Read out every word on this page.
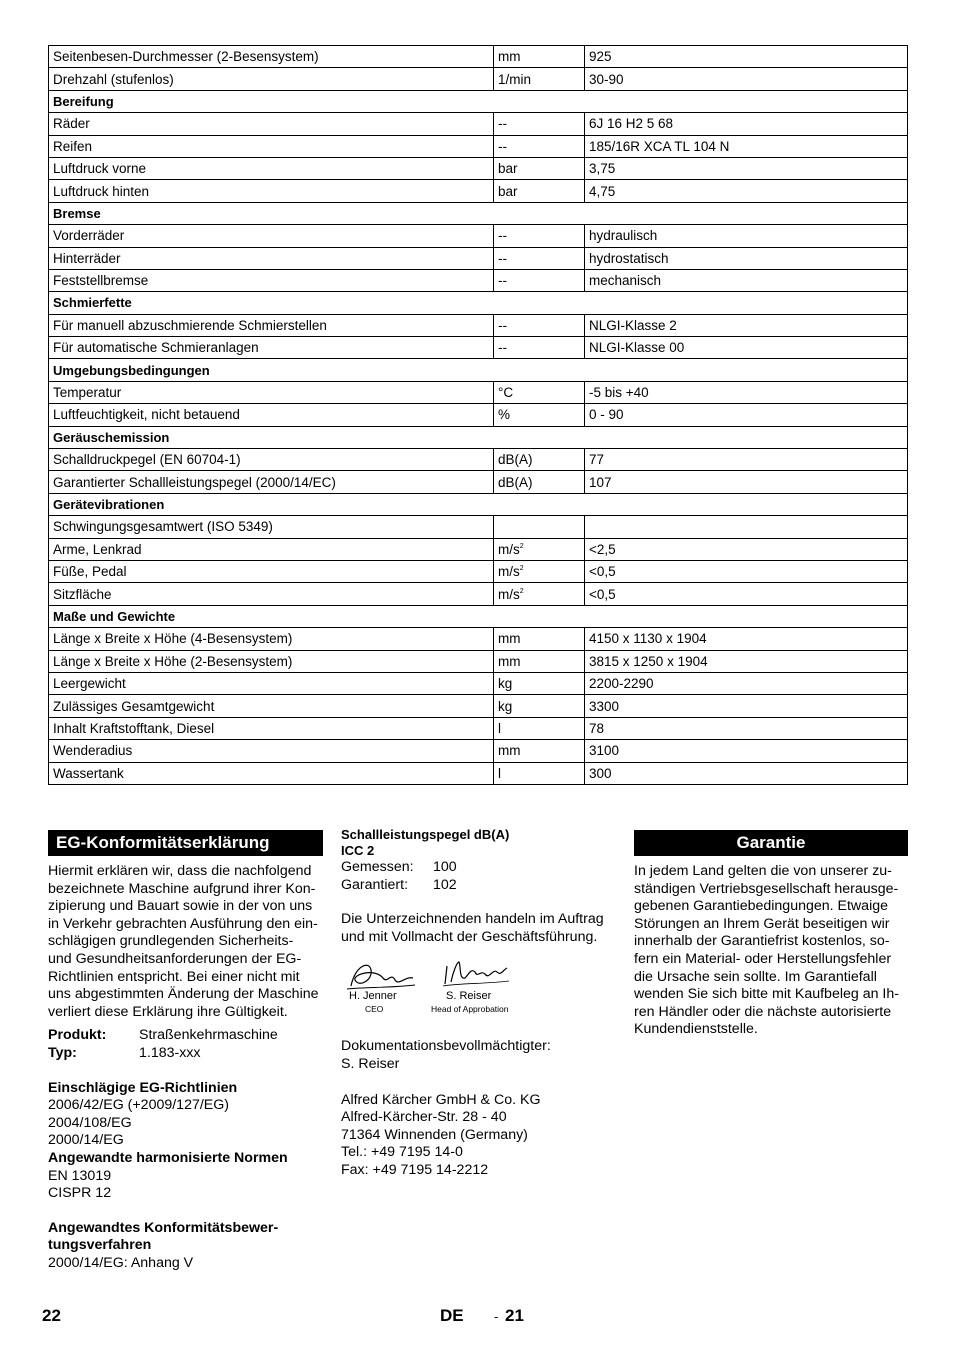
Seitenbesen-Durchmesser (2-Besensystem)	mm	925
Drehzahl (stufenlos)	1/min	30-90
Bereifung		
Räder	--	6J 16 H2 5 68
Reifen	--	185/16R XCA TL 104 N
Luftdruck vorne	bar	3,75
Luftdruck hinten	bar	4,75
Bremse		
Vorderräder	--	hydraulisch
Hinterräder	--	hydrostatisch
Feststellbremse	--	mechanisch
Schmierfette		
Für manuell abzuschmierende Schmierstellen	--	NLGI-Klasse 2
Für automatische Schmieranlagen	--	NLGI-Klasse 00
Umgebungsbedingungen		
Temperatur	°C	-5 bis +40
Luftfeuchtigkeit, nicht betauend	%	0 - 90
Geräuschemission		
Schalldruckpegel (EN 60704-1)	dB(A)	77
Garantierter Schallleistungspegel (2000/14/EC)	dB(A)	107
Gerätevibrationen		
Schwingungsgesamtwert (ISO 5349)		
Arme, Lenkrad	$m/s^2$	<2,5
Füße, Pedal	$m/s^2$	<0,5
Sitzfläche	$m/s^2$	<0,5
Maße und Gewichte		
Länge x Breite x Höhe (4-Besensystem)	mm	4150 x 1130 x 1904
Länge x Breite x Höhe (2-Besensystem)	mm	3815 x 1250 x 1904
Leergewicht	kg	2200-2290
Zulässiges Gesamtgewicht	kg	3300
Inhalt Kraftstofftank, Diesel	l	78
Wenderadius	mm	3100
Wassertank	l	300
EG-Konformitätserklärung
Hiermit erklären wir, dass die nachfolgend
bezeichnete Maschine aufgrund ihrer Kon-
zipierung und Bauart sowie in der von uns
in Verkehr gebrachten Ausführung den ein-
schlägigen grundlegenden Sicherheits-
und Gesundheitsanforderungen der EG-
Richtlinien entspricht. Bei einer nicht mit
uns abgestimmten Änderung der Maschine
verliert diese Erklärung ihre Gültigkeit.
Produkt:	Straßenkehrmaschine
Typ:	1.183-xxx
Einschlägige EG-Richtlinien
2006/42/EG (+2009/127/EG)
2004/108/EG
2000/14/EG
Angewandte harmonisierte Normen
EN 13019
CISPR 12
Angewandtes Konformitätsbewer-
tungsverfahren
2000/14/EG: Anhang V
Schallleistungspegel dB(A)
ICC 2
Gemessen:	100
Garantiert:	102
Die Unterzeichnenden handeln im Auftrag
und mit Vollmacht der Geschäftsführung.
H. Jenner
CEO
S. Reiser
Head of Approbation
Dokumentationsbevollmächtigter:
S. Reiser
Alfred Kärcher GmbH & Co. KG
Alfred-Kärcher-Str. 28 - 40
71364 Winnenden (Germany)
Tel.: +49 7195 14-0
Fax: +49 7195 14-2212
Garantie
In jedem Land gelten die von unserer zu-
ständigen Vertriebsgesellschaft herausge-
gebenen Garantiebedingungen. Etwaige
Störungen an Ihrem Gerät beseitigen wir
innerhalb der Garantiefrist kostenlos, so-
fern ein Material- oder Herstellungsfehler
die Ursache sein sollte. Im Garantiefall
wenden Sie sich bitte mit Kaufbeleg an Ih-
ren Händler oder die nächste autorisierte
Kundendienststelle.
22	DE - 21
